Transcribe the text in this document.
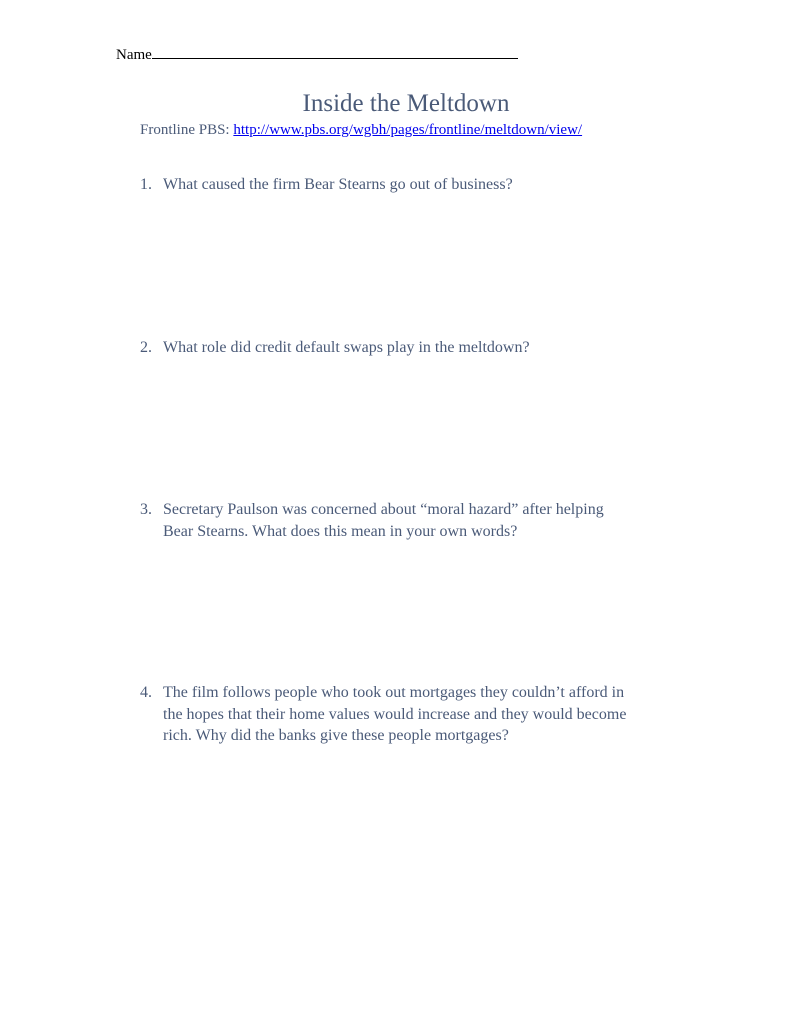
Name
Inside the Meltdown
Frontline PBS: http://www.pbs.org/wgbh/pages/frontline/meltdown/view/
1. What caused the firm Bear Stearns go out of business?
2. What role did credit default swaps play in the meltdown?
3. Secretary Paulson was concerned about “moral hazard” after helping
Bear Stearns. What does this mean in your own words?
4. The film follows people who took out mortgages they couldn’t afford in
the hopes that their home values would increase and they would become
rich. Why did the banks give these people mortgages?
